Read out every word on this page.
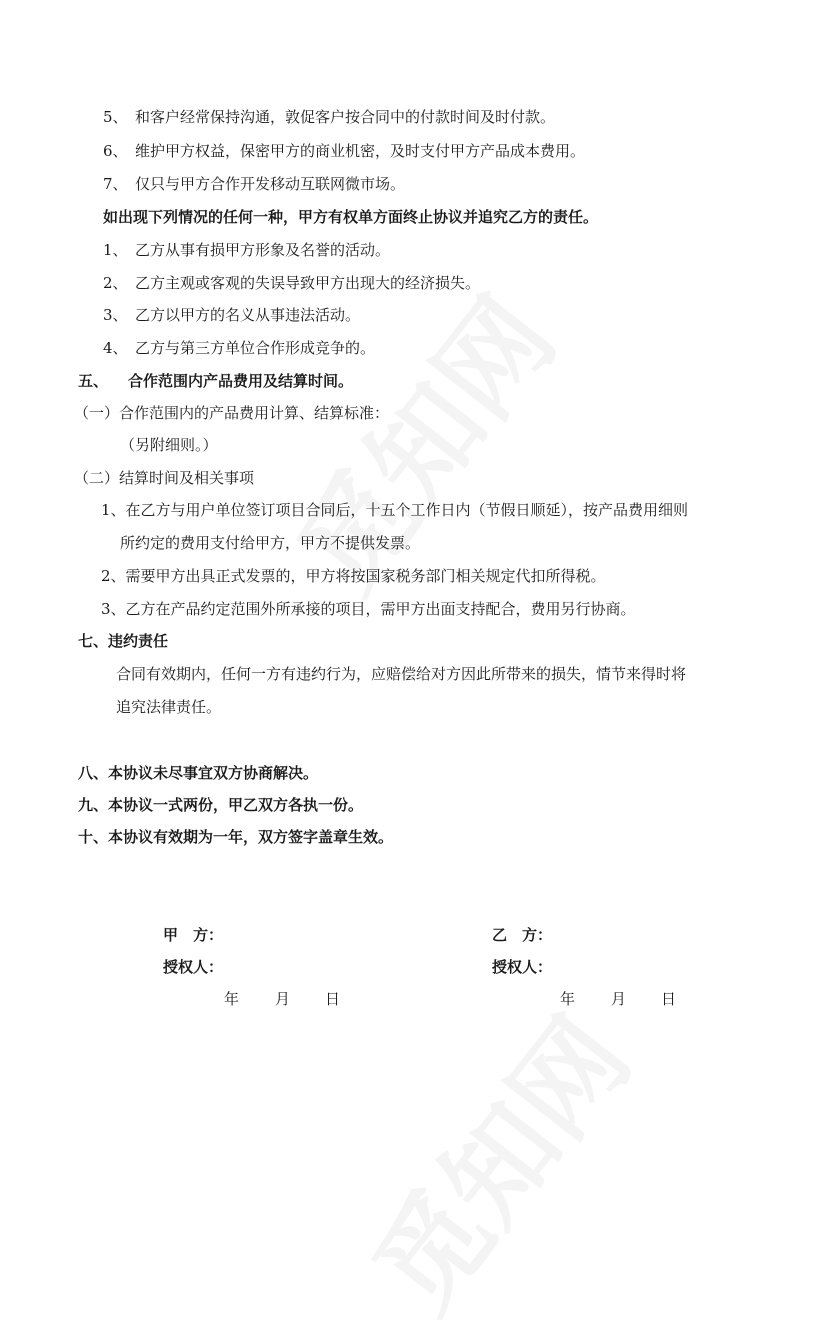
5、 和客户经常保持沟通，敦促客户按合同中的付款时间及时付款。
6、 维护甲方权益，保密甲方的商业机密，及时支付甲方产品成本费用。
7、 仅只与甲方合作开发移动互联网微市场。
如出现下列情况的任何一种，甲方有权单方面终止协议并追究乙方的责任。
1、 乙方从事有损甲方形象及名誉的活动。
2、 乙方主观或客观的失误导致甲方出现大的经济损失。
3、 乙方以甲方的名义从事违法活动。
4、 乙方与第三方单位合作形成竞争的。
五、 合作范围内产品费用及结算时间。
（一）合作范围内的产品费用计算、结算标准：
（另附细则。）
（二）结算时间及相关事项
1、在乙方与用户单位签订项目合同后，十五个工作日内（节假日顺延），按产品费用细则
所约定的费用支付给甲方，甲方不提供发票。
2、需要甲方出具正式发票的，甲方将按国家税务部门相关规定代扣所得税。
3、乙方在产品约定范围外所承接的项目，需甲方出面支持配合，费用另行协商。
七、违约责任
合同有效期内，任何一方有违约行为，应赔偿给对方因此所带来的损失，情节来得时将
追究法律责任。
八、本协议未尽事宜双方协商解决。
九、本协议一式两份，甲乙双方各执一份。
十、本协议有效期为一年，双方签字盖章生效。
甲　方：	乙　方：
授权人：	授权人：
年 月 日	年 月 日
